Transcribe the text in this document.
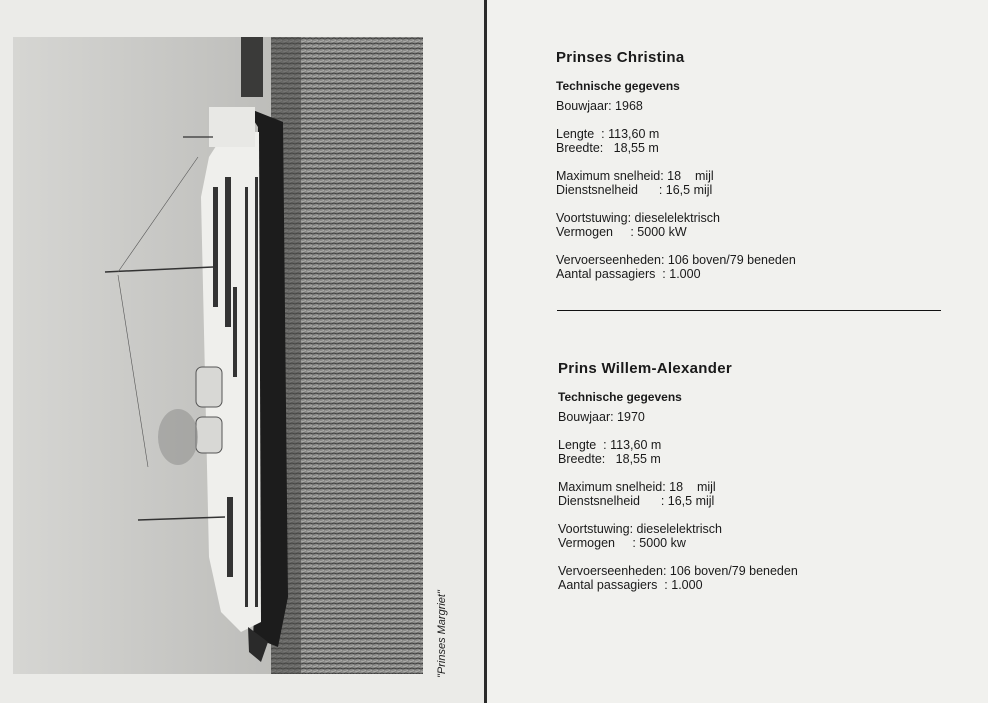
"Prinses Margriet"
Prinses Christina
Technische gegevens
Bouwjaar: 1968
Lengte  : 113,60 m
Breedte:   18,55 m
Maximum snelheid: 18    mijl
Dienstsnelheid      : 16,5 mijl
Voortstuwing: dieselelektrisch
Vermogen     : 5000 kW
Vervoerseenheden: 106 boven/79 beneden
Aantal passagiers  : 1.000
Prins Willem-Alexander
Technische gegevens
Bouwjaar: 1970
Lengte  : 113,60 m
Breedte:   18,55 m
Maximum snelheid: 18    mijl
Dienstsnelheid      : 16,5 mijl
Voortstuwing: dieselelektrisch
Vermogen     : 5000 kw
Vervoerseenheden: 106 boven/79 beneden
Aantal passagiers  : 1.000
